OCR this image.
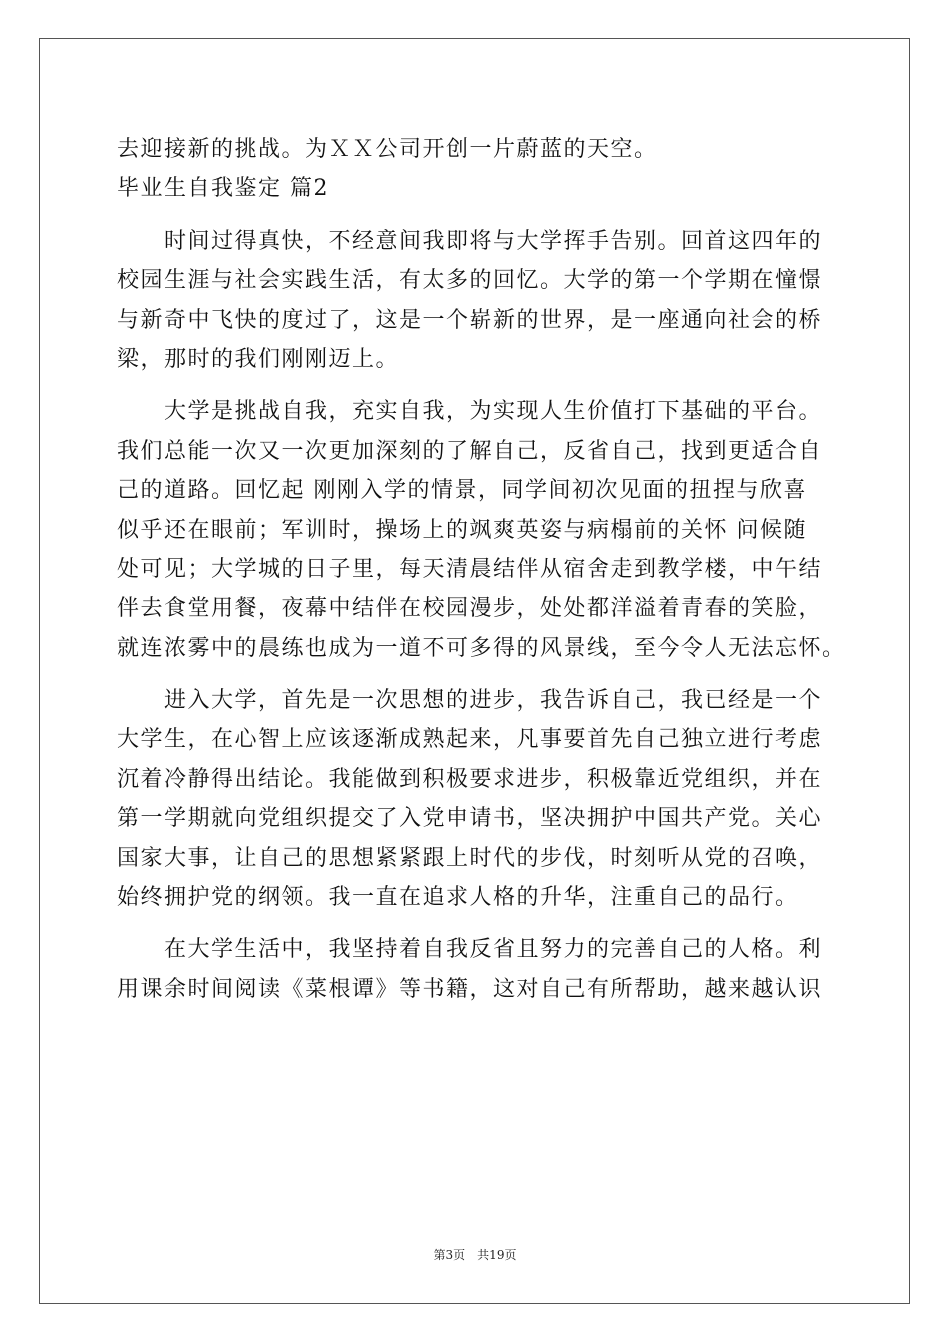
去迎接新的挑战。为ＸＸ公司开创一片蔚蓝的天空。
毕业生自我鉴定 篇2
　　时间过得真快，不经意间我即将与大学挥手告别。回首这四年的
校园生涯与社会实践生活，有太多的回忆。大学的第一个学期在憧憬
与新奇中飞快的度过了，这是一个崭新的世界，是一座通向社会的桥
梁，那时的我们刚刚迈上。
　　大学是挑战自我，充实自我，为实现人生价值打下基础的平台。
我们总能一次又一次更加深刻的了解自己，反省自己，找到更适合自
己的道路。回忆起 刚刚入学的情景，同学间初次见面的扭捏与欣喜
似乎还在眼前；军训时，操场上的飒爽英姿与病榻前的关怀 问候随
处可见；大学城的日子里，每天清晨结伴从宿舍走到教学楼，中午结
伴去食堂用餐，夜幕中结伴在校园漫步，处处都洋溢着青春的笑脸，
就连浓雾中的晨练也成为一道不可多得的风景线，至今令人无法忘怀。
　　进入大学，首先是一次思想的进步，我告诉自己，我已经是一个
大学生，在心智上应该逐渐成熟起来，凡事要首先自己独立进行考虑
沉着冷静得出结论。我能做到积极要求进步，积极靠近党组织，并在
第一学期就向党组织提交了入党申请书，坚决拥护中国共产党。关心
国家大事，让自己的思想紧紧跟上时代的步伐，时刻听从党的召唤，
始终拥护党的纲领。我一直在追求人格的升华，注重自己的品行。
　　在大学生活中，我坚持着自我反省且努力的完善自己的人格。利
用课余时间阅读《菜根谭》等书籍，这对自己有所帮助，越来越认识
第3页　共19页
